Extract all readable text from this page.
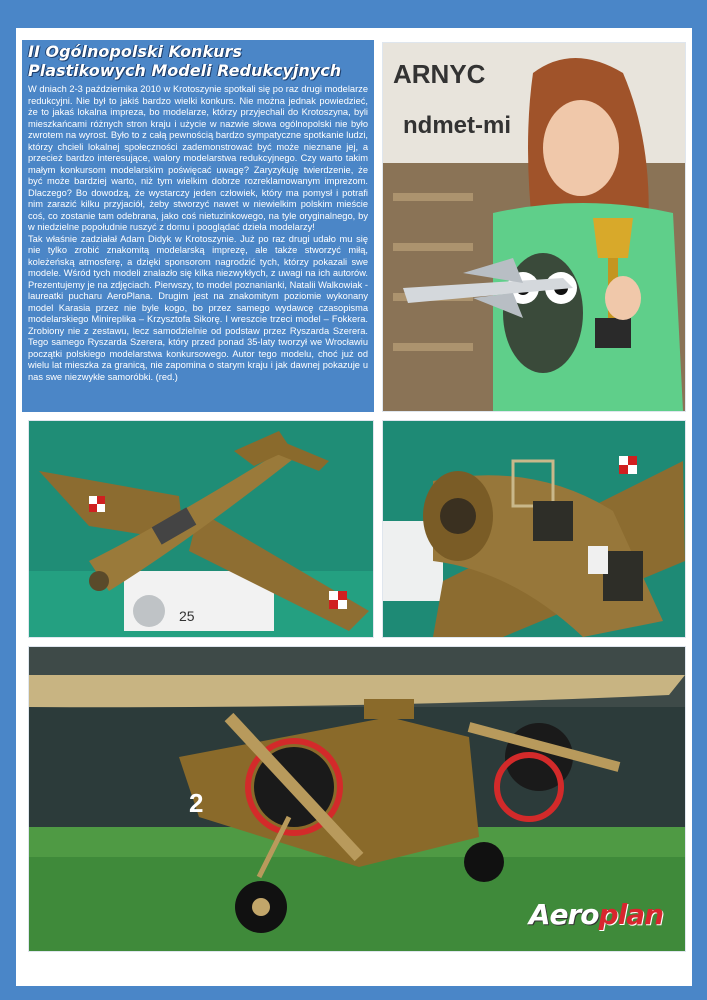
II Ogólnopolski Konkurs
Plastikowych Modeli Redukcyjnych

W dniach 2-3 października 2010 w Krotoszynie spotkali się po raz drugi modelarze redukcyjni. Nie był to jakiś bardzo wielki konkurs. Nie można jednak powiedzieć, że to jakaś lokalna impreza, bo modelarze, którzy przyjechali do Krotoszyna, byli mieszkańcami różnych stron kraju i użycie w nazwie słowa ogólnopolski nie było zwrotem na wyrost. Było to z całą pewnością bardzo sympatyczne spotkanie ludzi, którzy chcieli lokalnej społeczności zademonstrować być może nieznane jej, a przecież bardzo interesujące, walory modelarstwa redukcyjnego. Czy warto takim małym konkursom modelarskim poświęcać uwagę? Zaryzykuję twierdzenie, że być może bardziej warto, niż tym wielkim dobrze rozreklamowanym imprezom. Dlaczego? Bo dowodzą, że wystarczy jeden człowiek, który ma pomysł i potrafi nim zarazić kilku przyjaciół, żeby stworzyć nawet w niewielkim polskim mieście coś, co zostanie tam odebrana, jako coś nietuzinkowego, na tyle oryginalnego, by w niedzielne popołudnie ruszyć z domu i pooglądać dzieła modelarzy!

Tak właśnie zadziałał Adam Didyk w Krotoszynie. Już po raz drugi udało mu się nie tylko zrobić znakomitą modelarską imprezę, ale także stworzyć miłą, koleżeńską atmosferę, a dzięki sponsorom nagrodzić tych, którzy pokazali swe modele. Wśród tych modeli znalazło się kilka niezwykłych, z uwagi na ich autorów. Prezentujemy je na zdjęciach. Pierwszy, to model poznanianki, Natalii Walkowiak - laureatki pucharu AeroPlana. Drugim jest na znakomitym poziomie wykonany model Karasia przez nie byle kogo, bo przez samego wydawcę czasopisma modelarskiego Minireplika – Krzysztofa Sikorę. I wreszcie trzeci model – Fokkera. Zrobiony nie z zestawu, lecz samodzielnie od podstaw przez Ryszarda Szerera. Tego samego Ryszarda Szerera, który przed ponad 35-laty tworzył we Wrocławiu początki polskiego modelarstwa konkursowego. Autor tego modelu, choć już od wielu lat mieszka za granicą, nie zapomina o starym kraju i jak dawnej pokazuje u nas swe niezwykłe samoróbki. (red.)

ARNYC
ndmet-mi
25
2
Aeroplan
